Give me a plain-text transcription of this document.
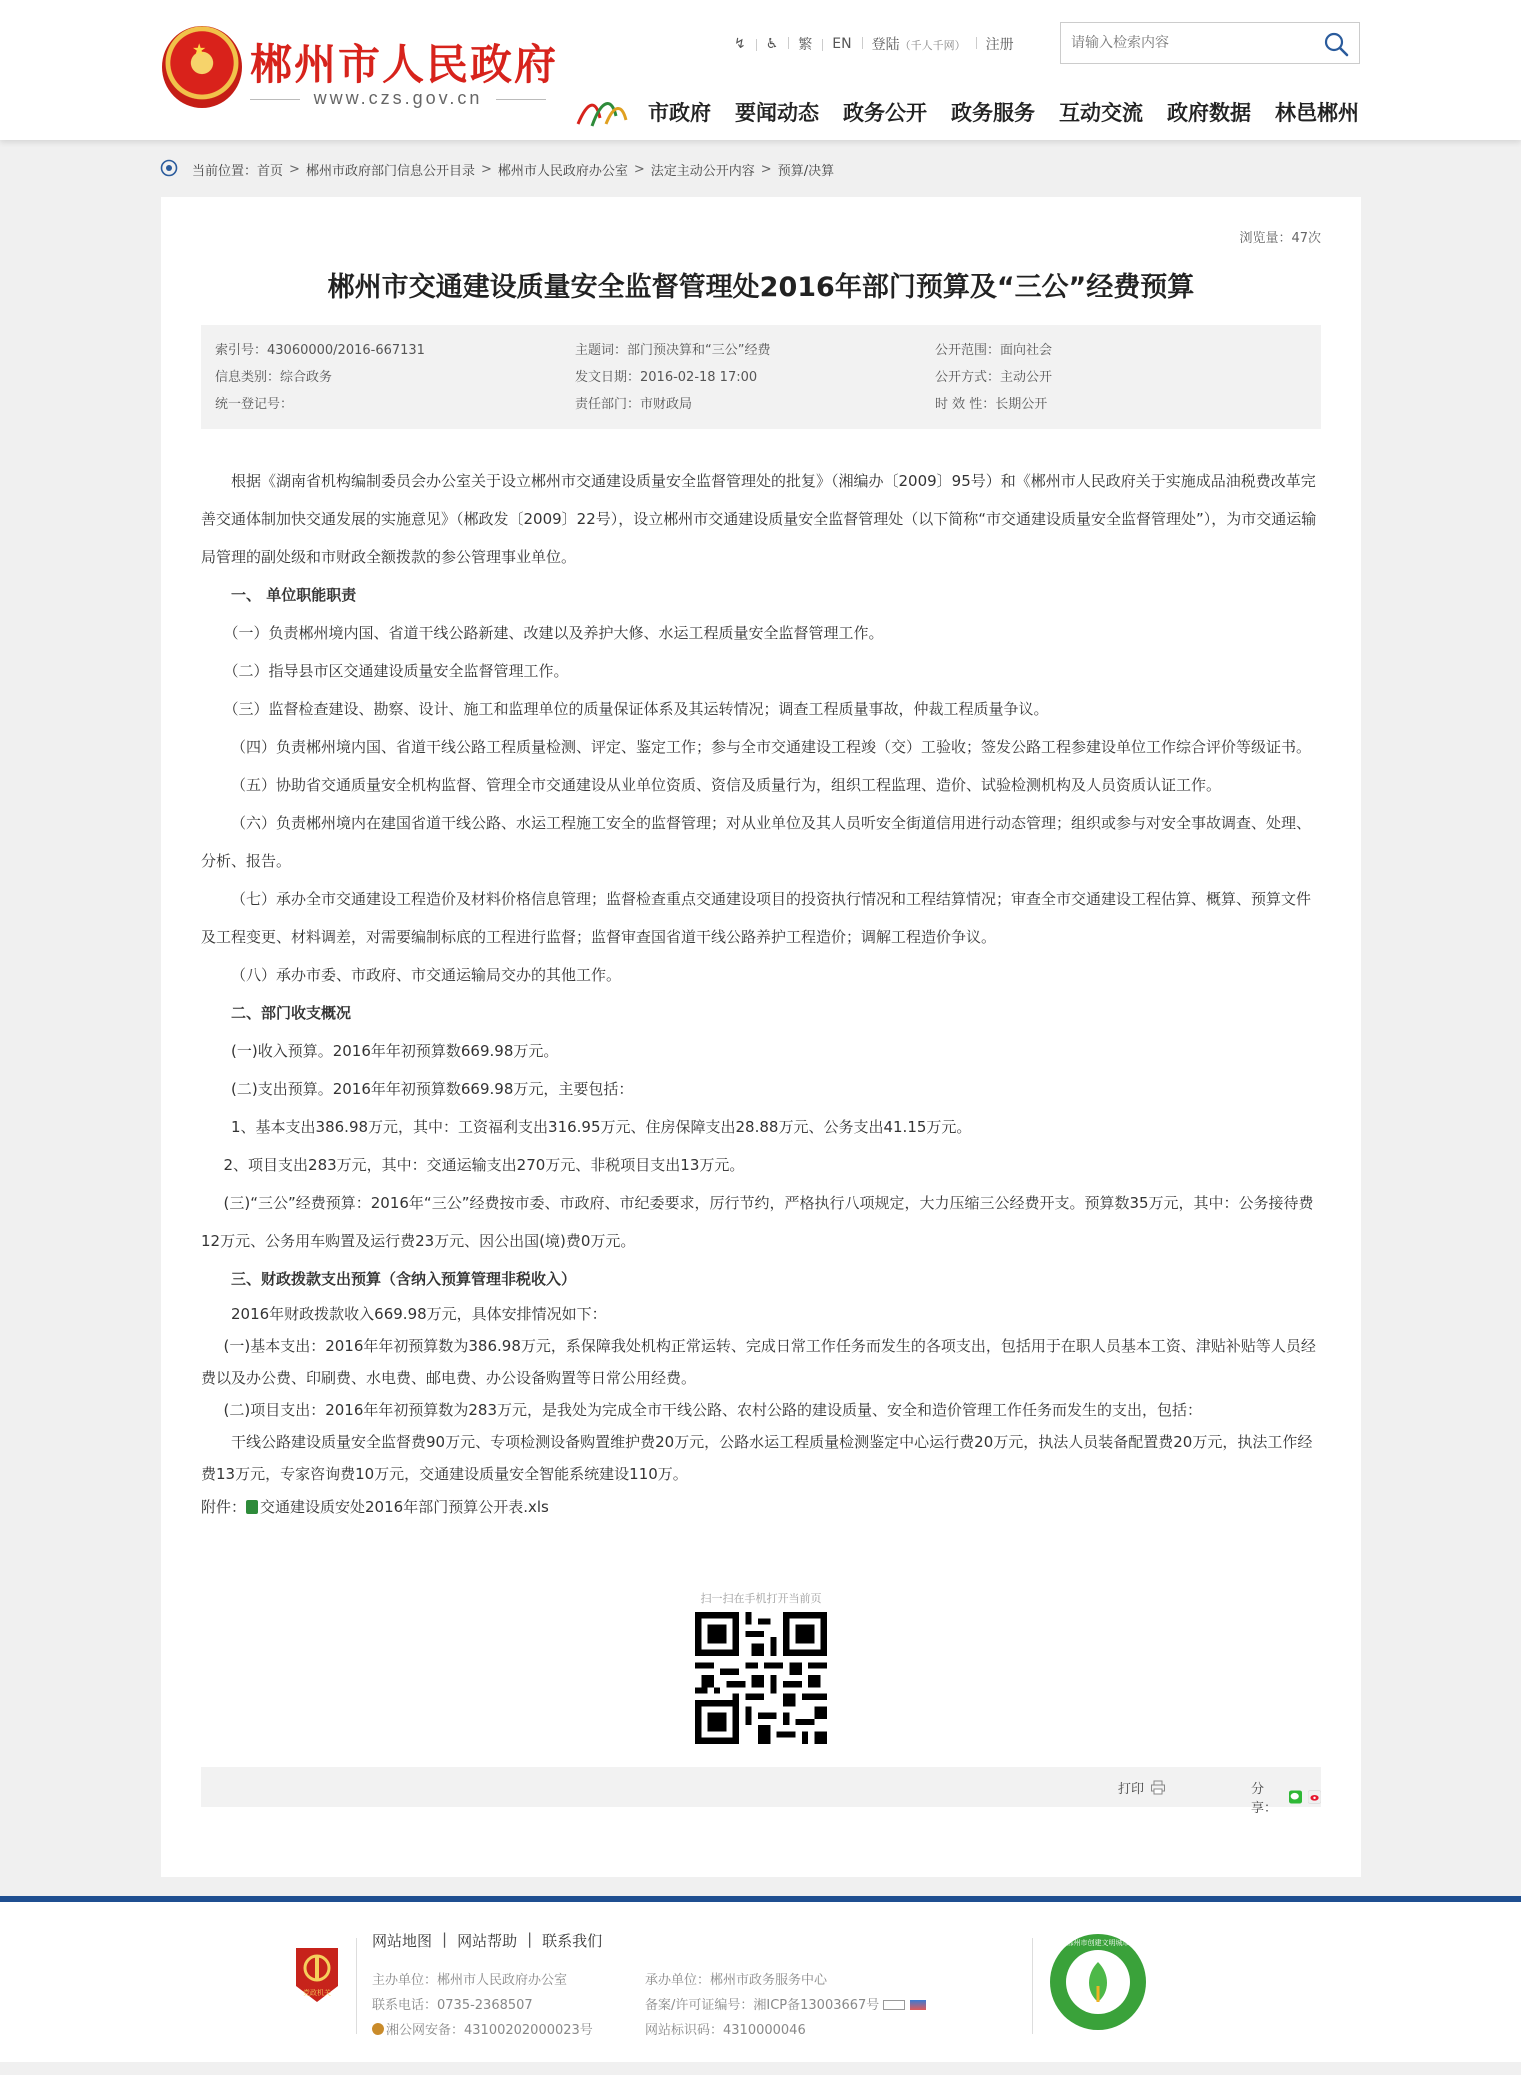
★
郴州市人民政府
www.czs.gov.cn
↯	♿	繁	EN	登陆（千人千网）	注册
请输入检索内容
市政府 要闻动态 政务公开 政务服务 互动交流 政府数据 林邑郴州
当前位置： 首页 > 郴州市政府部门信息公开目录 > 郴州市人民政府办公室 > 法定主动公开内容 > 预算/决算
浏览量：47次
郴州市交通建设质量安全监督管理处2016年部门预算及“三公”经费预算
索引号：43060000/2016-667131	主题词：部门预决算和“三公”经费	公开范围：面向社会
信息类别：综合政务	发文日期：2016-02-18 17:00	公开方式：主动公开
统一登记号：	责任部门：市财政局	时 效 性：长期公开

根据《湖南省机构编制委员会办公室关于设立郴州市交通建设质量安全监督管理处的批复》（湘编办〔2009〕95号）和《郴州市人民政府关于实施成品油税费改革完善交通体制加快交通发展的实施意见》（郴政发〔2009〕22号），设立郴州市交通建设质量安全监督管理处（以下简称“市交通建设质量安全监督管理处”），为市交通运输局管理的副处级和市财政全额拨款的参公管理事业单位。

一、 单位职能职责

（一）负责郴州境内国、省道干线公路新建、改建以及养护大修、水运工程质量安全监督管理工作。

（二）指导县市区交通建设质量安全监督管理工作。

（三）监督检查建设、勘察、设计、施工和监理单位的质量保证体系及其运转情况；调查工程质量事故，仲裁工程质量争议。

（四）负责郴州境内国、省道干线公路工程质量检测、评定、鉴定工作；参与全市交通建设工程竣（交）工验收；签发公路工程参建设单位工作综合评价等级证书。

（五）协助省交通质量安全机构监督、管理全市交通建设从业单位资质、资信及质量行为，组织工程监理、造价、试验检测机构及人员资质认证工作。

（六）负责郴州境内在建国省道干线公路、水运工程施工安全的监督管理；对从业单位及其人员听安全街道信用进行动态管理；组织或参与对安全事故调查、处理、分析、报告。

（七）承办全市交通建设工程造价及材料价格信息管理；监督检查重点交通建设项目的投资执行情况和工程结算情况；审查全市交通建设工程估算、概算、预算文件及工程变更、材料调差，对需要编制标底的工程进行监督；监督审查国省道干线公路养护工程造价；调解工程造价争议。

（八）承办市委、市政府、市交通运输局交办的其他工作。

二、部门收支概况

(一)收入预算。2016年年初预算数669.98万元。

(二)支出预算。2016年年初预算数669.98万元，主要包括：

1、基本支出386.98万元，其中：工资福利支出316.95万元、住房保障支出28.88万元、公务支出41.15万元。

2、项目支出283万元，其中：交通运输支出270万元、非税项目支出13万元。

(三)“三公”经费预算：2016年“三公”经费按市委、市政府、市纪委要求，厉行节约，严格执行八项规定，大力压缩三公经费开支。预算数35万元，其中：公务接待费12万元、公务用车购置及运行费23万元、因公出国(境)费0万元。

三、财政拨款支出预算（含纳入预算管理非税收入）

2016年财政拨款收入669.98万元，具体安排情况如下：

(一)基本支出：2016年年初预算数为386.98万元，系保障我处机构正常运转、完成日常工作任务而发生的各项支出，包括用于在职人员基本工资、津贴补贴等人员经费以及办公费、印刷费、水电费、邮电费、办公设备购置等日常公用经费。

(二)项目支出：2016年年初预算数为283万元，是我处为完成全市干线公路、农村公路的建设质量、安全和造价管理工作任务而发生的支出，包括：

干线公路建设质量安全监督费90万元、专项检测设备购置维护费20万元，公路水运工程质量检测鉴定中心运行费20万元，执法人员装备配置费20万元，执法工作经费13万元，专家咨询费10万元，交通建设质量安全智能系统建设110万。

附件： 交通建设质安处2016年部门预算公开表.xls

扫一扫在手机打开当前页
打印	分享：
党政机关
网站地图 | 网站帮助 | 联系我们
主办单位：郴州市人民政府办公室
联系电话：0735-2368507
湘公网安备：43100202000023号
承办单位：郴州市政务服务中心
备案/许可证编号：湘ICP备13003667号
网站标识码：4310000046
郴州市创建文明城市
